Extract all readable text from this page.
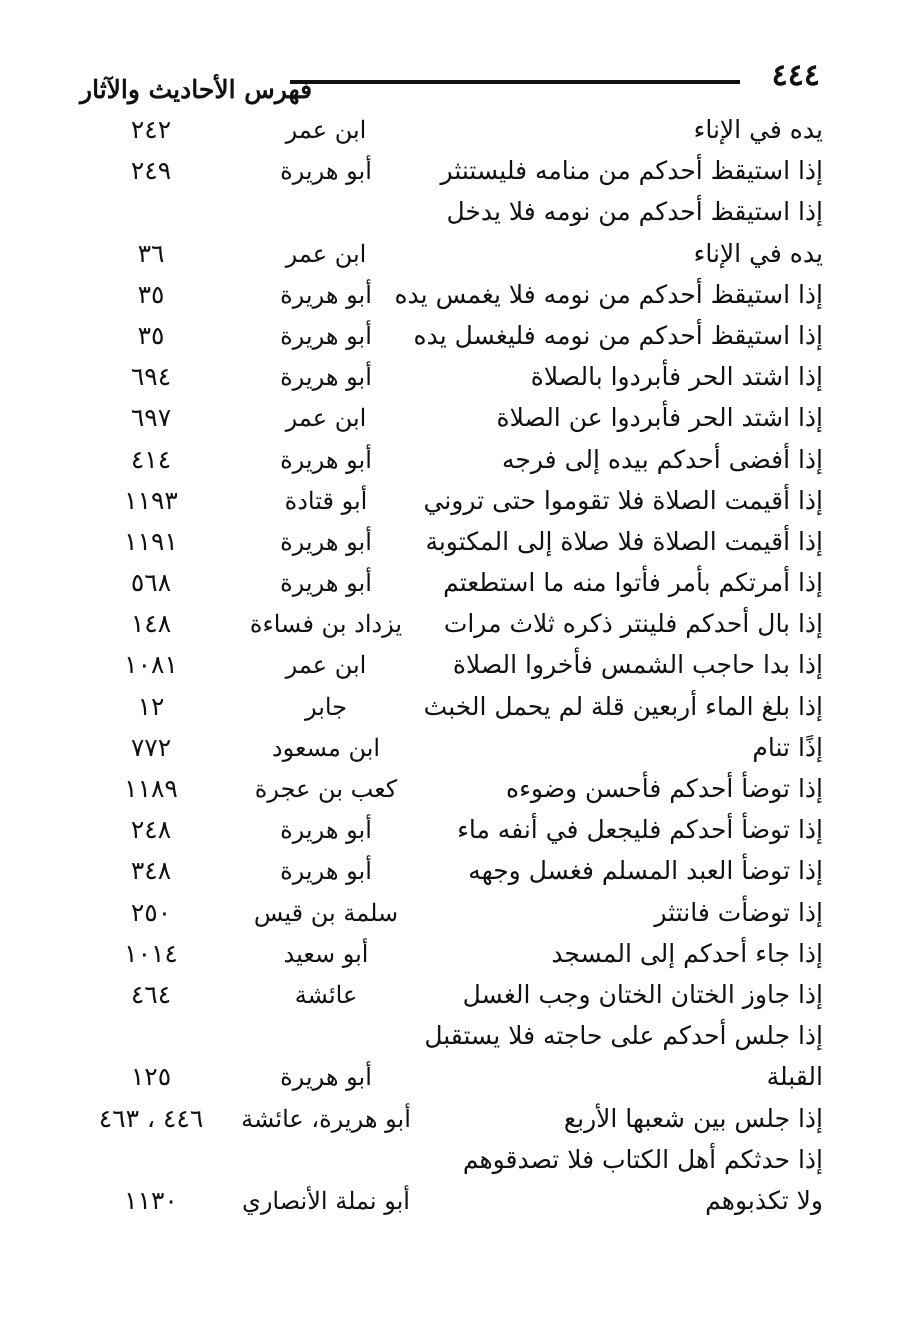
٤٤٤
فهرس الأحاديث والآثار
يده في الإناء
ابن عمر
٢٤٢
إذا استيقظ أحدكم من منامه فليستنثر
أبو هريرة
٢٤٩
إذا استيقظ أحدكم من نومه فلا يدخل
يده في الإناء
ابن عمر
٣٦
إذا استيقظ أحدكم من نومه فلا يغمس يده
أبو هريرة
٣٥
إذا استيقظ أحدكم من نومه فليغسل يده
أبو هريرة
٣٥
إذا اشتد الحر فأبردوا بالصلاة
أبو هريرة
٦٩٤
إذا اشتد الحر فأبردوا عن الصلاة
ابن عمر
٦٩٧
إذا أفضى أحدكم بيده إلى فرجه
أبو هريرة
٤١٤
إذا أقيمت الصلاة فلا تقوموا حتى تروني
أبو قتادة
١١٩٣
إذا أقيمت الصلاة فلا صلاة إلى المكتوبة
أبو هريرة
١١٩١
إذا أمرتكم بأمر فأتوا منه ما استطعتم
أبو هريرة
٥٦٨
إذا بال أحدكم فلينتر ذكره ثلاث مرات
يزداد بن فساءة
١٤٨
إذا بدا حاجب الشمس فأخروا الصلاة
ابن عمر
١٠٨١
إذا بلغ الماء أربعين قلة لم يحمل الخبث
جابر
١٢
إذًا تنام
ابن مسعود
٧٧٢
إذا توضأ أحدكم فأحسن وضوءه
كعب بن عجرة
١١٨٩
إذا توضأ أحدكم فليجعل في أنفه ماء
أبو هريرة
٢٤٨
إذا توضأ العبد المسلم فغسل وجهه
أبو هريرة
٣٤٨
إذا توضأت فانتثر
سلمة بن قيس
٢٥٠
إذا جاء أحدكم إلى المسجد
أبو سعيد
١٠١٤
إذا جاوز الختان الختان وجب الغسل
عائشة
٤٦٤
إذا جلس أحدكم على حاجته فلا يستقبل
القبلة
أبو هريرة
١٢٥
إذا جلس بين شعبها الأربع
أبو هريرة، عائشة
٤٤٦ ، ٤٦٣
إذا حدثكم أهل الكتاب فلا تصدقوهم
ولا تكذبوهم
أبو نملة الأنصاري
١١٣٠
